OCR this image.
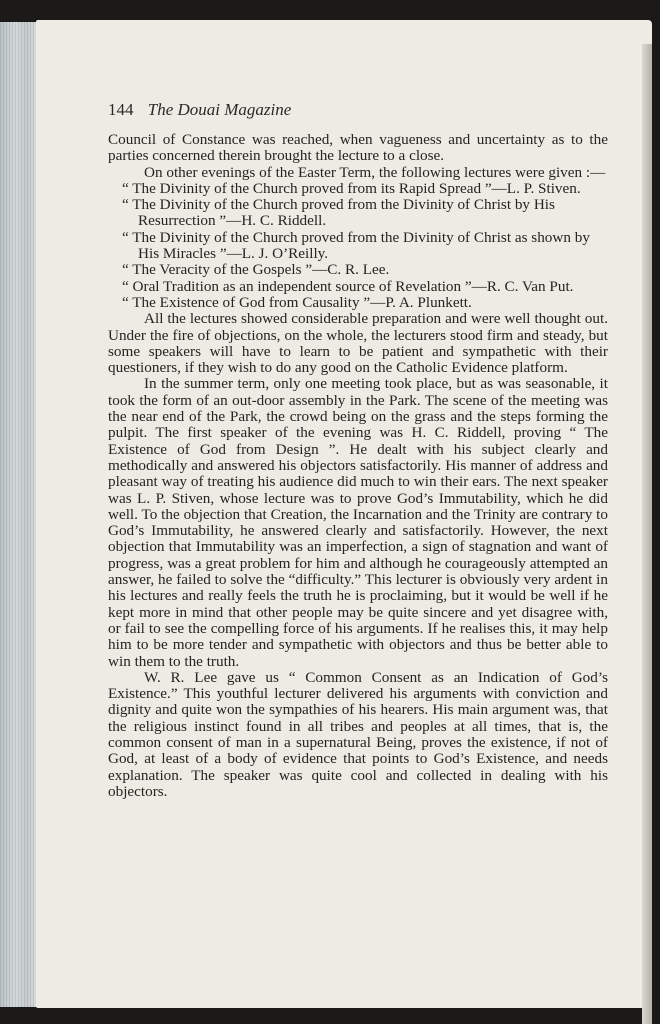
144 The Douai Magazine

Council of Constance was reached, when vagueness and uncertainty as to the parties concerned therein brought the lecture to a close.

On other evenings of the Easter Term, the following lectures were given :—

“ The Divinity of the Church proved from its Rapid Spread ”—L. P. Stiven.

“ The Divinity of the Church proved from the Divinity of Christ by His Resurrection ”—H. C. Riddell.

“ The Divinity of the Church proved from the Divinity of Christ as shown by His Miracles ”—L. J. O’Reilly.

“ The Veracity of the Gospels ”—C. R. Lee.

“ Oral Tradition as an independent source of Revelation ”—R. C. Van Put.

“ The Existence of God from Causality ”—P. A. Plunkett.

All the lectures showed considerable preparation and were well thought out. Under the fire of objections, on the whole, the lecturers stood firm and steady, but some speakers will have to learn to be patient and sympathetic with their questioners, if they wish to do any good on the Catholic Evidence platform.

In the summer term, only one meeting took place, but as was seasonable, it took the form of an out-door assembly in the Park. The scene of the meeting was the near end of the Park, the crowd being on the grass and the steps forming the pulpit. The first speaker of the evening was H. C. Riddell, proving “ The Existence of God from Design ”. He dealt with his subject clearly and methodically and answered his objectors satisfactorily. His manner of address and pleasant way of treating his audience did much to win their ears. The next speaker was L. P. Stiven, whose lecture was to prove God’s Immutability, which he did well. To the objection that Creation, the Incarnation and the Trinity are contrary to God’s Immutability, he answered clearly and satisfactorily. However, the next objection that Immutability was an imperfection, a sign of stagnation and want of progress, was a great problem for him and although he courageously attempted an answer, he failed to solve the “difficulty.” This lecturer is obviously very ardent in his lectures and really feels the truth he is proclaiming, but it would be well if he kept more in mind that other people may be quite sincere and yet disagree with, or fail to see the compelling force of his arguments. If he realises this, it may help him to be more tender and sympathetic with objectors and thus be better able to win them to the truth.

W. R. Lee gave us “ Common Consent as an Indication of God’s Existence.” This youthful lecturer delivered his arguments with conviction and dignity and quite won the sympathies of his hearers. His main argument was, that the religious instinct found in all tribes and peoples at all times, that is, the common consent of man in a supernatural Being, proves the existence, if not of God, at least of a body of evidence that points to God’s Existence, and needs explanation. The speaker was quite cool and collected in dealing with his objectors.
